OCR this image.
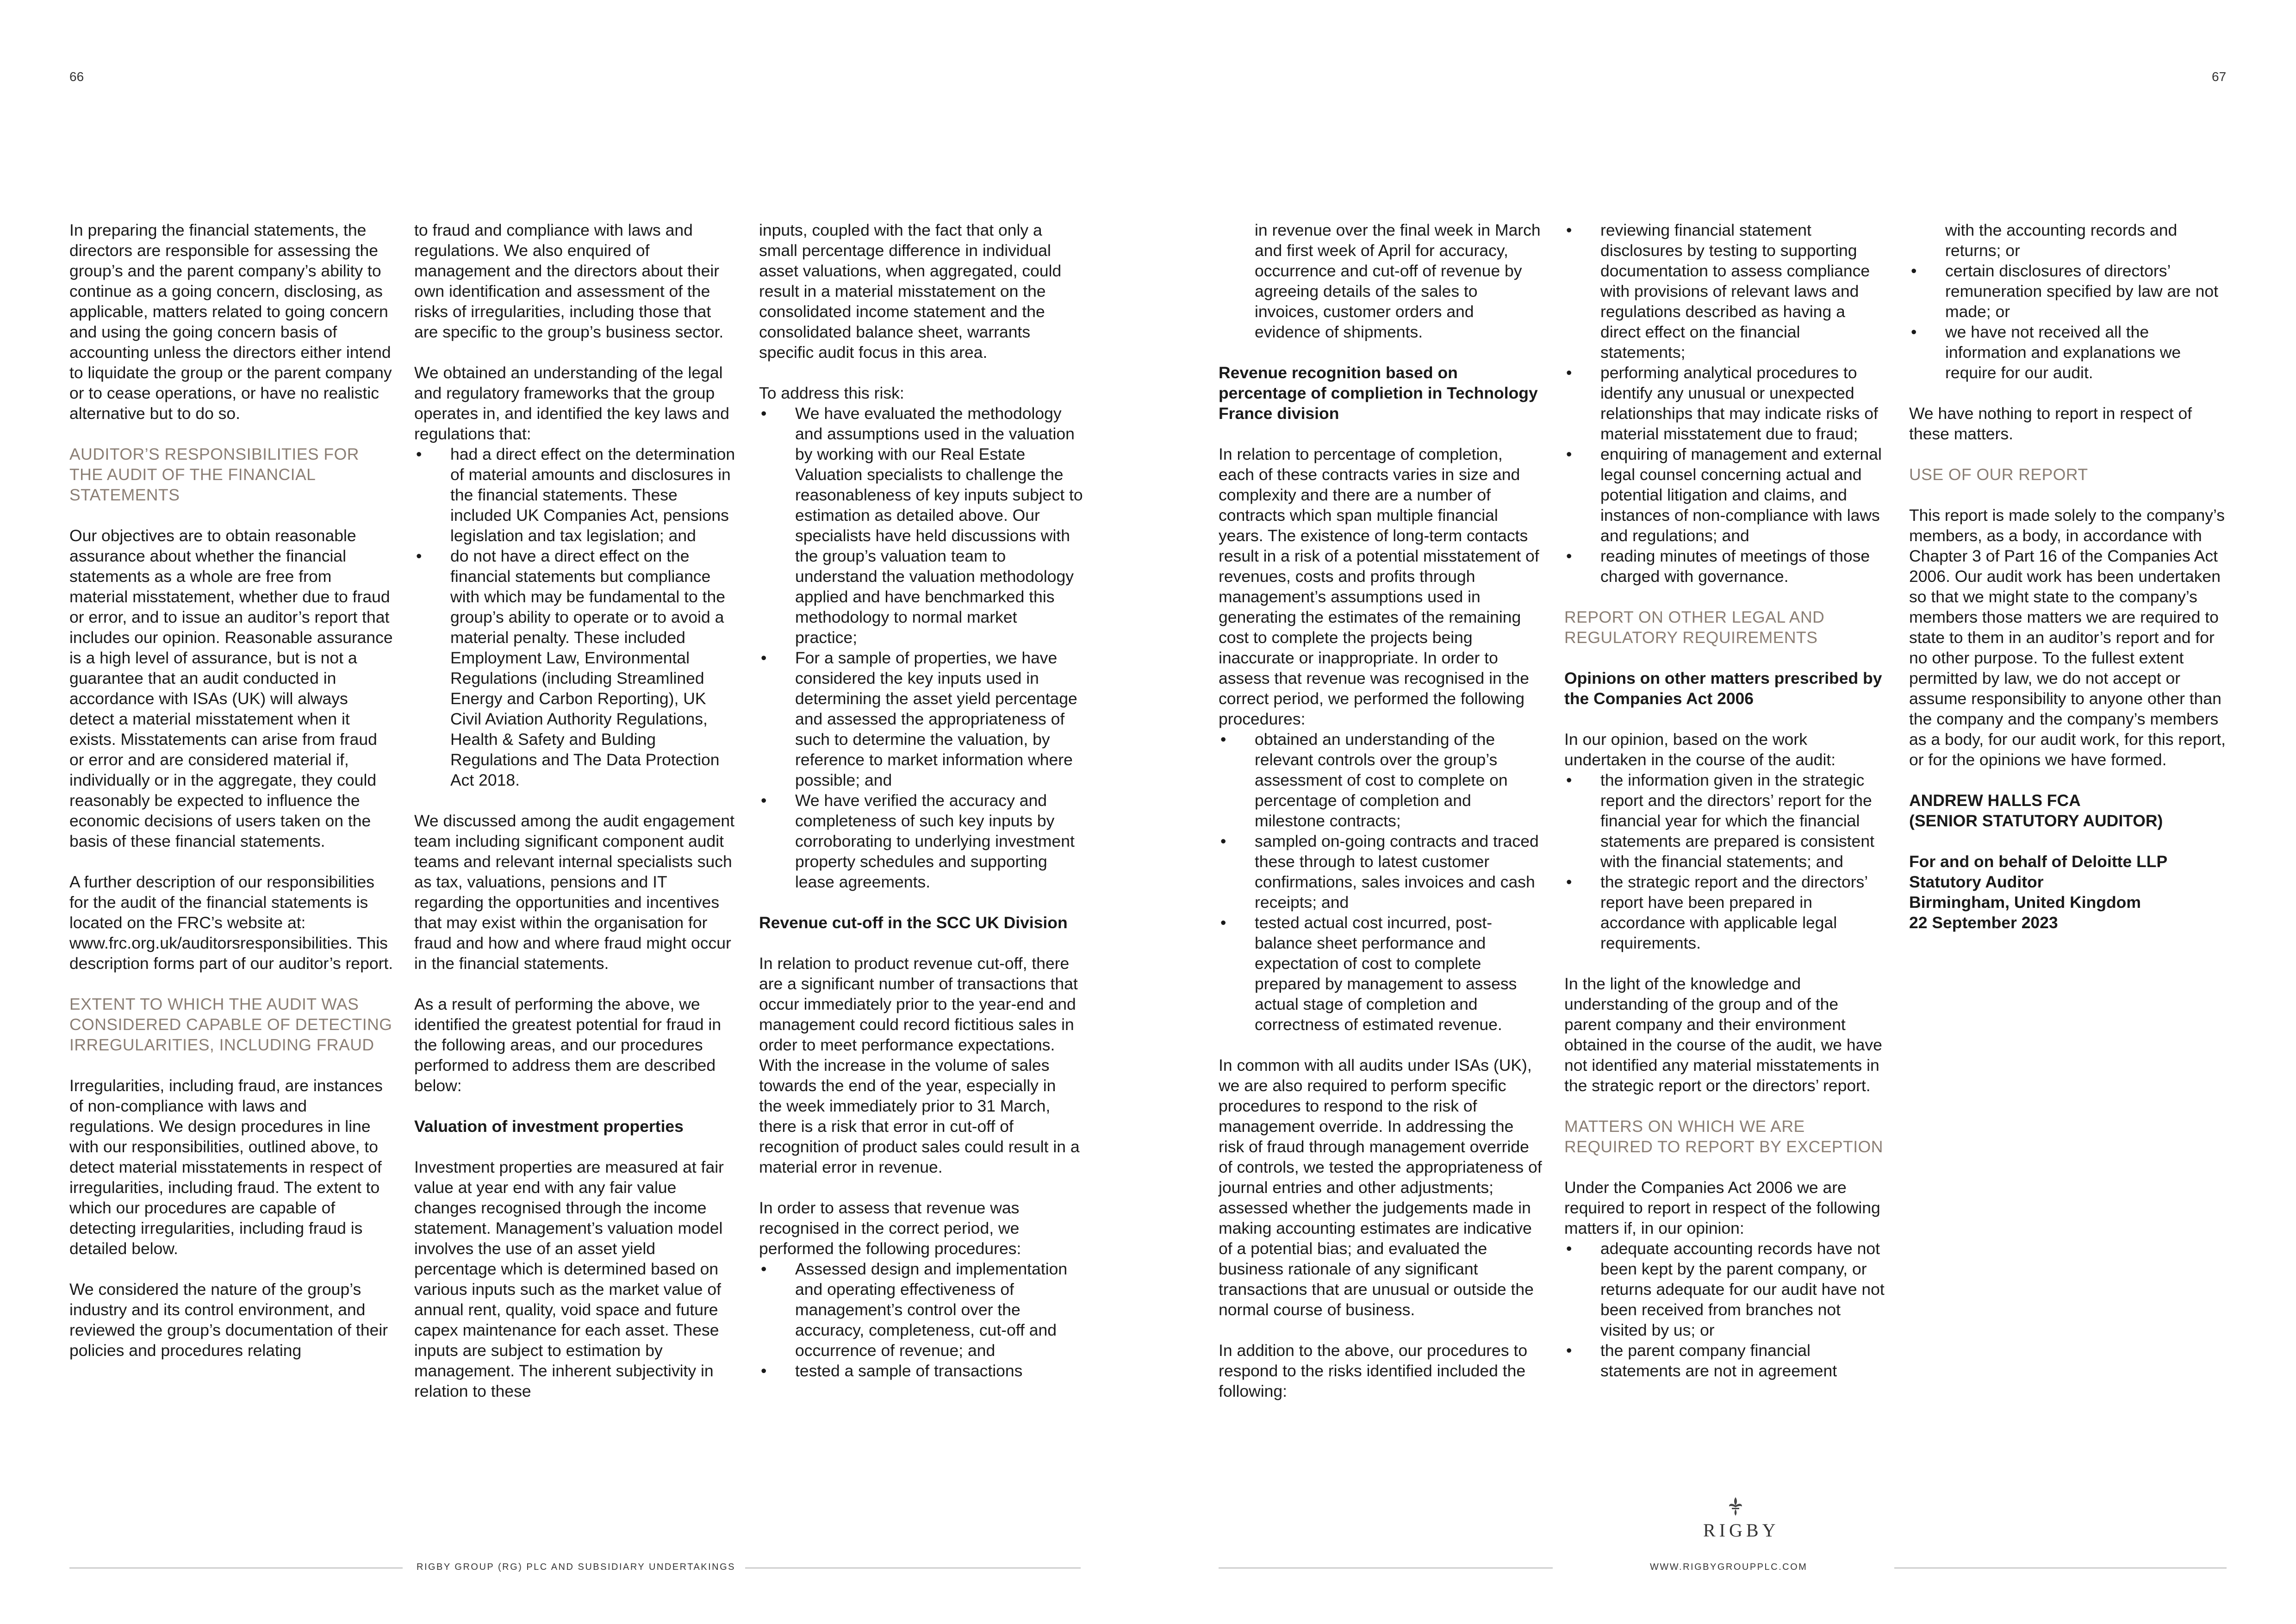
66	67

In preparing the financial statements, the directors are responsible for assessing the group’s and the parent company’s ability to continue as a going concern, disclosing, as applicable, matters related to going concern and using the going concern basis of accounting unless the directors either intend to liquidate the group or the parent company or to cease operations, or have no realistic alternative but to do so.

AUDITOR’S RESPONSIBILITIES FOR THE AUDIT OF THE FINANCIAL STATEMENTS

Our objectives are to obtain reasonable assurance about whether the financial statements as a whole are free from material misstatement, whether due to fraud or error, and to issue an auditor’s report that includes our opinion. Reasonable assurance is a high level of assurance, but is not a guarantee that an audit conducted in accordance with ISAs (UK) will always detect a material misstatement when it exists. Misstatements can arise from fraud or error and are considered material if, individually or in the aggregate, they could reasonably be expected to influence the economic decisions of users taken on the basis of these financial statements.

A further description of our responsibilities for the audit of the financial statements is located on the FRC’s website at: www.frc.org.uk/auditorsresponsibilities. This description forms part of our auditor’s report.

EXTENT TO WHICH THE AUDIT WAS CONSIDERED CAPABLE OF DETECTING IRREGULARITIES, INCLUDING FRAUD

Irregularities, including fraud, are instances of non-compliance with laws and regulations. We design procedures in line with our responsibilities, outlined above, to detect material misstatements in respect of irregularities, including fraud. The extent to which our procedures are capable of detecting irregularities, including fraud is detailed below.

We considered the nature of the group’s industry and its control environment, and reviewed the group’s documentation of their policies and procedures relating

to fraud and compliance with laws and regulations. We also enquired of management and the directors about their own identification and assessment of the risks of irregularities, including those that are specific to the group’s business sector.

We obtained an understanding of the legal and regulatory frameworks that the group operates in, and identified the key laws and regulations that:

• had a direct effect on the determination of material amounts and disclosures in the financial statements. These included UK Companies Act, pensions legislation and tax legislation; and
• do not have a direct effect on the financial statements but compliance with which may be fundamental to the group’s ability to operate or to avoid a material penalty. These included Employment Law, Environmental Regulations (including Streamlined Energy and Carbon Reporting), UK Civil Aviation Authority Regulations, Health & Safety and Bulding Regulations and The Data Protection Act 2018.

We discussed among the audit engagement team including significant component audit teams and relevant internal specialists such as tax, valuations, pensions and IT regarding the opportunities and incentives that may exist within the organisation for fraud and how and where fraud might occur in the financial statements.

As a result of performing the above, we identified the greatest potential for fraud in the following areas, and our procedures performed to address them are described below:

Valuation of investment properties

Investment properties are measured at fair value at year end with any fair value changes recognised through the income statement. Management’s valuation model involves the use of an asset yield percentage which is determined based on various inputs such as the market value of annual rent, quality, void space and future capex maintenance for each asset. These inputs are subject to estimation by management. The inherent subjectivity in relation to these

inputs, coupled with the fact that only a small percentage difference in individual asset valuations, when aggregated, could result in a material misstatement on the consolidated income statement and the consolidated balance sheet, warrants specific audit focus in this area.

To address this risk:

• We have evaluated the methodology and assumptions used in the valuation by working with our Real Estate Valuation specialists to challenge the reasonableness of key inputs subject to estimation as detailed above. Our specialists have held discussions with the group’s valuation team to understand the valuation methodology applied and have benchmarked this methodology to normal market practice;
• For a sample of properties, we have considered the key inputs used in determining the asset yield percentage and assessed the appropriateness of such to determine the valuation, by reference to market information where possible; and
• We have verified the accuracy and completeness of such key inputs by corroborating to underlying investment property schedules and supporting lease agreements.

Revenue cut-off in the SCC UK Division

In relation to product revenue cut-off, there are a significant number of transactions that occur immediately prior to the year-end and management could record fictitious sales in order to meet performance expectations. With the increase in the volume of sales towards the end of the year, especially in the week immediately prior to 31 March, there is a risk that error in cut-off of recognition of product sales could result in a material error in revenue.

In order to assess that revenue was recognised in the correct period, we performed the following procedures:

• Assessed design and implementation and operating effectiveness of management’s control over the accuracy, completeness, cut-off and occurrence of revenue; and
• tested a sample of transactions

in revenue over the final week in March and first week of April for accuracy, occurrence and cut-off of revenue by agreeing details of the sales to invoices, customer orders and evidence of shipments.

Revenue recognition based on percentage of complietion in Technology France division

In relation to percentage of completion, each of these contracts varies in size and complexity and there are a number of contracts which span multiple financial years. The existence of long-term contacts result in a risk of a potential misstatement of revenues, costs and profits through management’s assumptions used in generating the estimates of the remaining cost to complete the projects being inaccurate or inappropriate. In order to assess that revenue was recognised in the correct period, we performed the following procedures:

• obtained an understanding of the relevant controls over the group’s assessment of cost to complete on percentage of completion and milestone contracts;
• sampled on-going contracts and traced these through to latest customer confirmations, sales invoices and cash receipts; and
• tested actual cost incurred, post-balance sheet performance and expectation of cost to complete prepared by management to assess actual stage of completion and correctness of estimated revenue.

In common with all audits under ISAs (UK), we are also required to perform specific procedures to respond to the risk of management override. In addressing the risk of fraud through management override of controls, we tested the appropriateness of journal entries and other adjustments; assessed whether the judgements made in making accounting estimates are indicative of a potential bias; and evaluated the business rationale of any significant transactions that are unusual or outside the normal course of business.

In addition to the above, our procedures to respond to the risks identified included the following:

• reviewing financial statement disclosures by testing to supporting documentation to assess compliance with provisions of relevant laws and regulations described as having a direct effect on the financial statements;
• performing analytical procedures to identify any unusual or unexpected relationships that may indicate risks of material misstatement due to fraud;
• enquiring of management and external legal counsel concerning actual and potential litigation and claims, and instances of non-compliance with laws and regulations; and
• reading minutes of meetings of those charged with governance.

REPORT ON OTHER LEGAL AND REGULATORY REQUIREMENTS

Opinions on other matters prescribed by the Companies Act 2006

In our opinion, based on the work undertaken in the course of the audit:

• the information given in the strategic report and the directors’ report for the financial year for which the financial statements are prepared is consistent with the financial statements; and
• the strategic report and the directors’ report have been prepared in accordance with applicable legal requirements.

In the light of the knowledge and understanding of the group and of the parent company and their environment obtained in the course of the audit, we have not identified any material misstatements in the strategic report or the directors’ report.

MATTERS ON WHICH WE ARE REQUIRED TO REPORT BY EXCEPTION

Under the Companies Act 2006 we are required to report in respect of the following matters if, in our opinion:

• adequate accounting records have not been kept by the parent company, or returns adequate for our audit have not been received from branches not visited by us; or
• the parent company financial statements are not in agreement

with the accounting records and returns; or

• certain disclosures of directors’ remuneration specified by law are not made; or
• we have not received all the information and explanations we require for our audit.

We have nothing to report in respect of these matters.

USE OF OUR REPORT

This report is made solely to the company’s members, as a body, in accordance with Chapter 3 of Part 16 of the Companies Act 2006. Our audit work has been undertaken so that we might state to the company’s members those matters we are required to state to them in an auditor’s report and for no other purpose. To the fullest extent permitted by law, we do not accept or assume responsibility to anyone other than the company and the company’s members as a body, for our audit work, for this report, or for the opinions we have formed.

ANDREW HALLS FCA
(SENIOR STATUTORY AUDITOR)

For and on behalf of Deloitte LLP
Statutory Auditor
Birmingham, United Kingdom
22 September 2023

RIGBY
RIGBY GROUP (RG) PLC AND SUBSIDIARY UNDERTAKINGS	WWW.RIGBYGROUPPLC.COM
